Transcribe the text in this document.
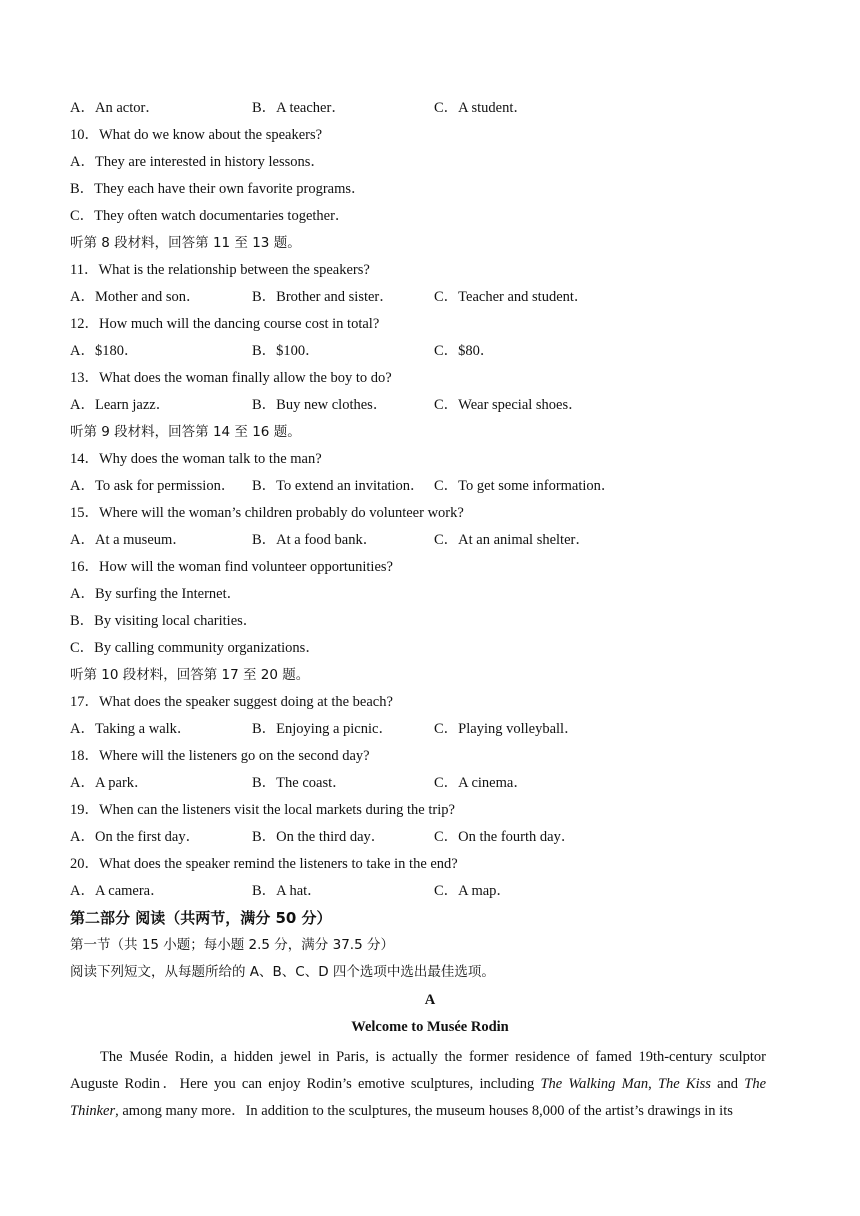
A．An actor．	B．A teacher．	C．A student．
10．What do we know about the speakers?
A．They are interested in history lessons．
B．They each have their own favorite programs．
C．They often watch documentaries together．
听第 8 段材料，回答第 11 至 13 题。
11．What is the relationship between the speakers?
A．Mother and son．	B．Brother and sister．	C．Teacher and student．
12．How much will the dancing course cost in total?
A．$180．	B．$100．	C．$80．
13．What does the woman finally allow the boy to do?
A．Learn jazz．	B．Buy new clothes．	C．Wear special shoes．
听第 9 段材料，回答第 14 至 16 题。
14．Why does the woman talk to the man?
A．To ask for permission． B．To extend an invitation． C．To get some information．
15．Where will the woman’s children probably do volunteer work?
A．At a museum．	B．At a food bank．	C．At an animal shelter．
16．How will the woman find volunteer opportunities?
A．By surfing the Internet．
B．By visiting local charities．
C．By calling community organizations．
听第 10 段材料，回答第 17 至 20 题。
17．What does the speaker suggest doing at the beach?
A．Taking a walk．	B．Enjoying a picnic．	C．Playing volleyball．
18．Where will the listeners go on the second day?
A．A park．	B．The coast．	C．A cinema．
19．When can the listeners visit the local markets during the trip?
A．On the first day．	B．On the third day．	C．On the fourth day．
20．What does the speaker remind the listeners to take in the end?
A．A camera．	B．A hat．	C．A map．
第二部分 阅读（共两节，满分 50 分）
第一节（共 15 小题；每小题 2.5 分，满分 37.5 分）
阅读下列短文，从每题所给的 A、B、C、D 四个选项中选出最佳选项。
A
Welcome to Musée Rodin
The Musée Rodin, a hidden jewel in Paris, is actually the former residence of famed 19th-century sculptor Auguste Rodin．Here you can enjoy Rodin’s emotive sculptures, including The Walking Man, The Kiss and The Thinker, among many more．In addition to the sculptures, the museum houses 8,000 of the artist’s drawings in its
